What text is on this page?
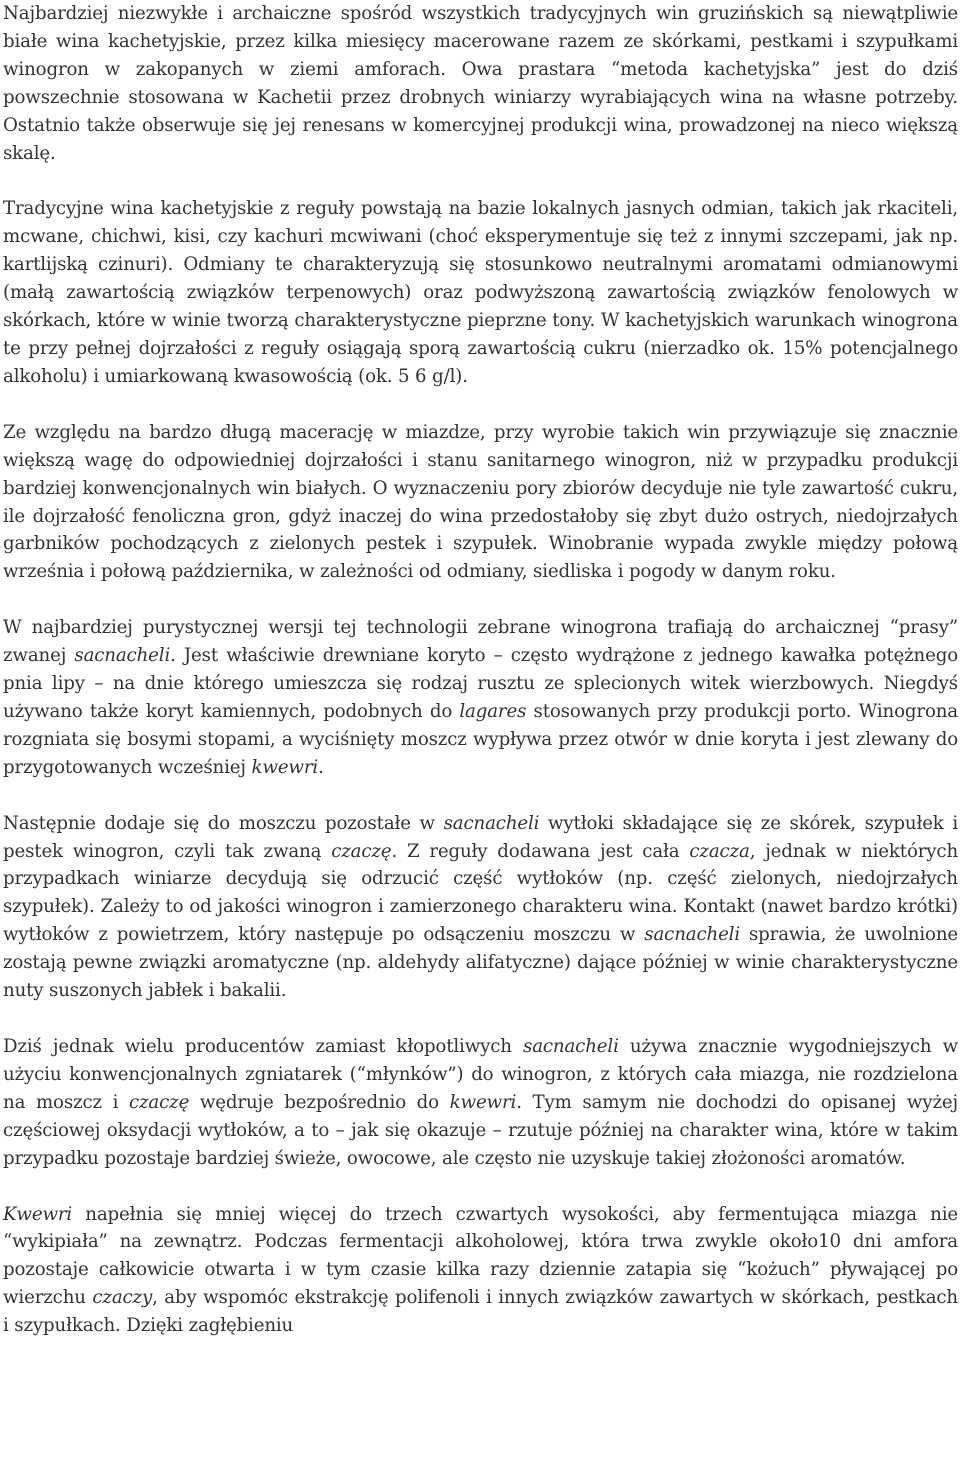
Najbardziej niezwykłe i archaiczne spośród wszystkich tradycyjnych win gruzińskich są niewątpliwie białe wina kachetyjskie, przez kilka miesięcy macerowane razem ze skórkami, pestkami i szypułkami winogron w zakopanych w ziemi amforach. Owa prastara “metoda kachetyjska” jest do dziś powszechnie stosowana w Kachetii przez drobnych winiarzy wyrabiających wina na własne potrzeby. Ostatnio także obserwuje się jej renesans w komercyjnej produkcji wina, prowadzonej na nieco większą skalę.

Tradycyjne wina kachetyjskie z reguły powstają na bazie lokalnych jasnych odmian, takich jak rkaciteli, mcwane, chichwi, kisi, czy kachuri mcwiwani (choć eksperymentuje się też z innymi szczepami, jak np. kartlijską czinuri). Odmiany te charakteryzują się stosunkowo neutralnymi aromatami odmianowymi (małą zawartością związków terpenowych) oraz podwyższoną zawartością związków fenolowych w skórkach, które w winie tworzą charakterystyczne pieprzne tony. W kachetyjskich warunkach winogrona te przy pełnej dojrzałości z reguły osiągają sporą zawartością cukru (nierzadko ok. 15% potencjalnego alkoholu) i umiarkowaną kwasowością (ok. 5 6 g/l).

Ze względu na bardzo długą macerację w miazdze, przy wyrobie takich win przywiązuje się znacznie większą wagę do odpowiedniej dojrzałości i stanu sanitarnego winogron, niż w przypadku produkcji bardziej konwencjonalnych win białych. O wyznaczeniu pory zbiorów decyduje nie tyle zawartość cukru, ile dojrzałość fenoliczna gron, gdyż inaczej do wina przedostałoby się zbyt dużo ostrych, niedojrzałych garbników pochodzących z zielonych pestek i szypułek. Winobranie wypada zwykle między połową września i połową października, w zależności od odmiany, siedliska i pogody w danym roku.

W najbardziej purystycznej wersji tej technologii zebrane winogrona trafiają do archaicznej “prasy” zwanej sacnacheli. Jest właściwie drewniane koryto – często wydrążone z jednego kawałka potężnego pnia lipy – na dnie którego umieszcza się rodzaj rusztu ze splecionych witek wierzbowych. Niegdyś używano także koryt kamiennych, podobnych do lagares stosowanych przy produkcji porto. Winogrona rozgniata się bosymi stopami, a wyciśnięty moszcz wypływa przez otwór w dnie koryta i jest zlewany do przygotowanych wcześniej kwewri.

Następnie dodaje się do moszczu pozostałe w sacnacheli wytłoki składające się ze skórek, szypułek i pestek winogron, czyli tak zwaną czaczę. Z reguły dodawana jest cała czacza, jednak w niektórych przypadkach winiarze decydują się odrzucić część wytłoków (np. część zielonych, niedojrzałych szypułek). Zależy to od jakości winogron i zamierzonego charakteru wina. Kontakt (nawet bardzo krótki) wytłoków z powietrzem, który następuje po odsączeniu moszczu w sacnacheli sprawia, że uwolnione zostają pewne związki aromatyczne (np. aldehydy alifatyczne) dające później w winie charakterystyczne nuty suszonych jabłek i bakalii.

Dziś jednak wielu producentów zamiast kłopotliwych sacnacheli używa znacznie wygodniejszych w użyciu konwencjonalnych zgniatarek (“młynków”) do winogron, z których cała miazga, nie rozdzielona na moszcz i czaczę wędruje bezpośrednio do kwewri. Tym samym nie dochodzi do opisanej wyżej częściowej oksydacji wytłoków, a to – jak się okazuje – rzutuje później na charakter wina, które w takim przypadku pozostaje bardziej świeże, owocowe, ale często nie uzyskuje takiej złożoności aromatów.

Kwewri napełnia się mniej więcej do trzech czwartych wysokości, aby fermentująca miazga nie “wykipiała” na zewnątrz. Podczas fermentacji alkoholowej, która trwa zwykle około10 dni amfora pozostaje całkowicie otwarta i w tym czasie kilka razy dziennie zatapia się “kożuch” pływającej po wierzchu czaczy, aby wspomóc ekstrakcję polifenoli i innych związków zawartych w skórkach, pestkach i szypułkach. Dzięki zagłębieniu
